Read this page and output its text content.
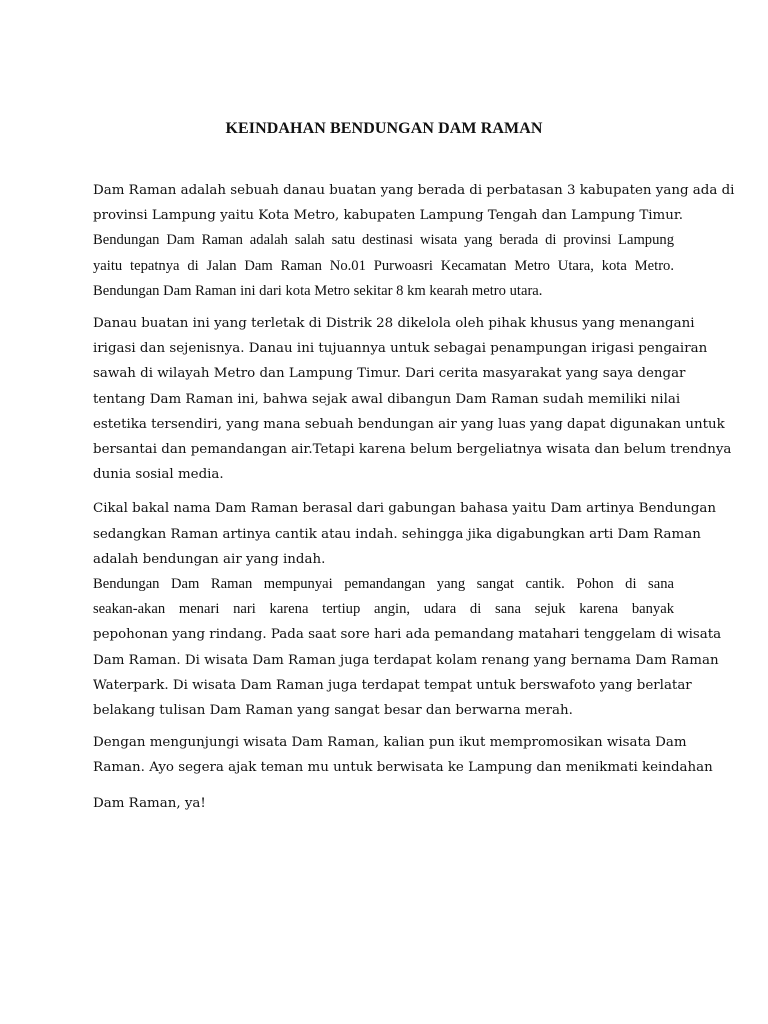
KEINDAHAN BENDUNGAN DAM RAMAN
Dam Raman adalah sebuah danau buatan yang berada di perbatasan 3 kabupaten yang ada di
provinsi Lampung yaitu Kota Metro, kabupaten Lampung Tengah dan Lampung Timur.
Bendungan Dam Raman adalah salah satu destinasi wisata yang berada di provinsi Lampung
yaitu tepatnya di Jalan Dam Raman No.01 Purwoasri Kecamatan Metro Utara, kota Metro.
Bendungan Dam Raman ini dari kota Metro sekitar 8 km kearah metro utara.
Danau buatan ini yang terletak di Distrik 28 dikelola oleh pihak khusus yang menangani
irigasi dan sejenisnya. Danau ini tujuannya untuk sebagai penampungan irigasi pengairan
sawah di wilayah Metro dan Lampung Timur. Dari cerita masyarakat yang saya dengar
tentang Dam Raman ini, bahwa sejak awal dibangun Dam Raman sudah memiliki nilai
estetika tersendiri, yang mana sebuah bendungan air yang luas yang dapat digunakan untuk
bersantai dan pemandangan air.Tetapi karena belum bergeliatnya wisata dan belum trendnya
dunia sosial media.
Cikal bakal nama Dam Raman berasal dari gabungan bahasa yaitu Dam artinya Bendungan
sedangkan Raman artinya cantik atau indah. sehingga jika digabungkan arti Dam Raman
adalah bendungan air yang indah.
Bendungan Dam Raman mempunyai pemandangan yang sangat cantik. Pohon di sana
seakan-akan menari nari karena tertiup angin, udara di sana sejuk karena banyak
pepohonan yang rindang. Pada saat sore hari ada pemandang matahari tenggelam di wisata
Dam Raman. Di wisata Dam Raman juga terdapat kolam renang yang bernama Dam Raman
Waterpark. Di wisata Dam Raman juga terdapat tempat untuk berswafoto yang berlatar
belakang tulisan Dam Raman yang sangat besar dan berwarna merah.
Dengan mengunjungi wisata Dam Raman, kalian pun ikut mempromosikan wisata Dam
Raman. Ayo segera ajak teman mu untuk berwisata ke Lampung dan menikmati keindahan
Dam Raman, ya!
